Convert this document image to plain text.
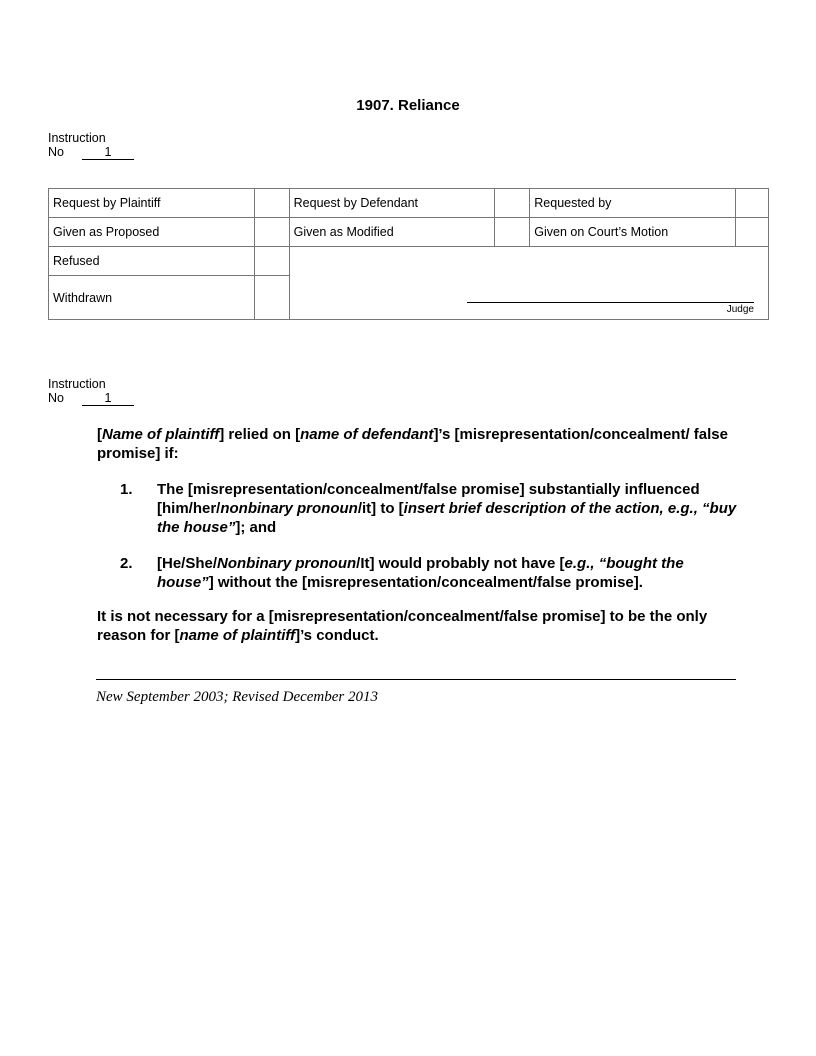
1907. Reliance
Instruction
No	1
Request by Plaintiff		Request by Defendant		Requested by	
Given as Proposed		Given as Modified		Given on Court’s Motion	
Refused		Judge			

Withdrawn					
Instruction
No	1

[Name of plaintiff] relied on [name of defendant]’s [misrepresentation/concealment/ false promise] if:

1. The [misrepresentation/concealment/false promise] substantially influenced [him/her/nonbinary pronoun/it] to [insert brief description of the action, e.g., “buy the house”]; and
2. [He/She/Nonbinary pronoun/It] would probably not have [e.g., “bought the house”] without the [misrepresentation/concealment/false promise].

It is not necessary for a [misrepresentation/concealment/false promise] to be the only reason for [name of plaintiff]’s conduct.

New September 2003; Revised December 2013
